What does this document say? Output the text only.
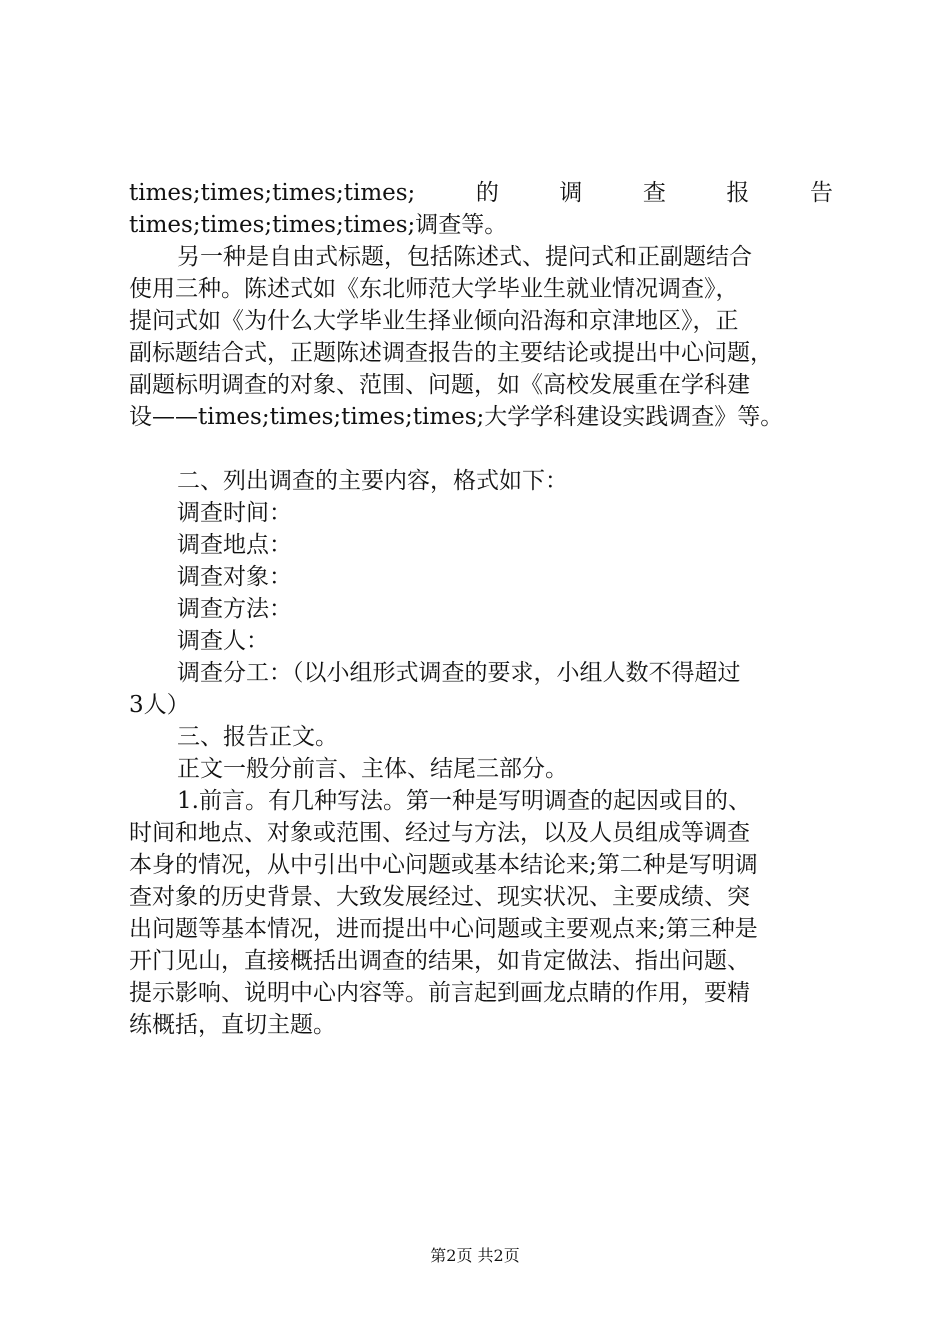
times;times;times;times;	的	调	查	报	告
times;times;times;times;调查等。
另一种是自由式标题，包括陈述式、提问式和正副题结合
使用三种。陈述式如《东北师范大学毕业生就业情况调查》，
提问式如《为什么大学毕业生择业倾向沿海和京津地区》，正
副标题结合式，正题陈述调查报告的主要结论或提出中心问题，
副题标明调查的对象、范围、问题，如《高校发展重在学科建
设——times;times;times;times;大学学科建设实践调查》等。
二、列出调查的主要内容，格式如下：
调查时间：
调查地点：
调查对象：
调查方法：
调查人：
调查分工：（以小组形式调查的要求，小组人数不得超过
3人）
三、报告正文。
正文一般分前言、主体、结尾三部分。
1.前言。有几种写法。第一种是写明调查的起因或目的、
时间和地点、对象或范围、经过与方法，以及人员组成等调查
本身的情况，从中引出中心问题或基本结论来;第二种是写明调
查对象的历史背景、大致发展经过、现实状况、主要成绩、突
出问题等基本情况，进而提出中心问题或主要观点来;第三种是
开门见山，直接概括出调查的结果，如肯定做法、指出问题、
提示影响、说明中心内容等。前言起到画龙点睛的作用，要精
练概括，直切主题。
第2页 共2页
